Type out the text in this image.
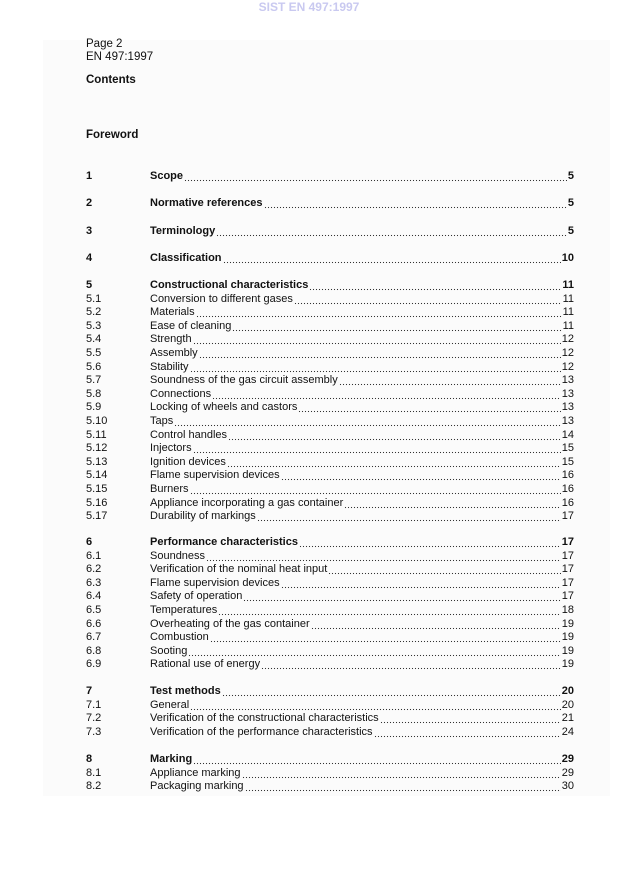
SIST EN 497:1997
Page 2
EN 497:1997
Contents
Foreword
1	Scope	5
2	Normative references	5
3	Terminology	5
4	Classification	10
5	Constructional characteristics	11
5.1	Conversion to different gases	11
5.2	Materials	11
5.3	Ease of cleaning	11
5.4	Strength	12
5.5	Assembly	12
5.6	Stability	12
5.7	Soundness of the gas circuit assembly	13
5.8	Connections	13
5.9	Locking of wheels and castors	13
5.10	Taps	13
5.11	Control handles	14
5.12	Injectors	15
5.13	Ignition devices	15
5.14	Flame supervision devices	16
5.15	Burners	16
5.16	Appliance incorporating a gas container	16
5.17	Durability of markings	17
6	Performance characteristics	17
6.1	Soundness	17
6.2	Verification of the nominal heat input	17
6.3	Flame supervision devices	17
6.4	Safety of operation	17
6.5	Temperatures	18
6.6	Overheating of the gas container	19
6.7	Combustion	19
6.8	Sooting	19
6.9	Rational use of energy	19
7	Test methods	20
7.1	General	20
7.2	Verification of the constructional characteristics	21
7.3	Verification of the performance characteristics	24
8	Marking	29
8.1	Appliance marking	29
8.2	Packaging marking	30
